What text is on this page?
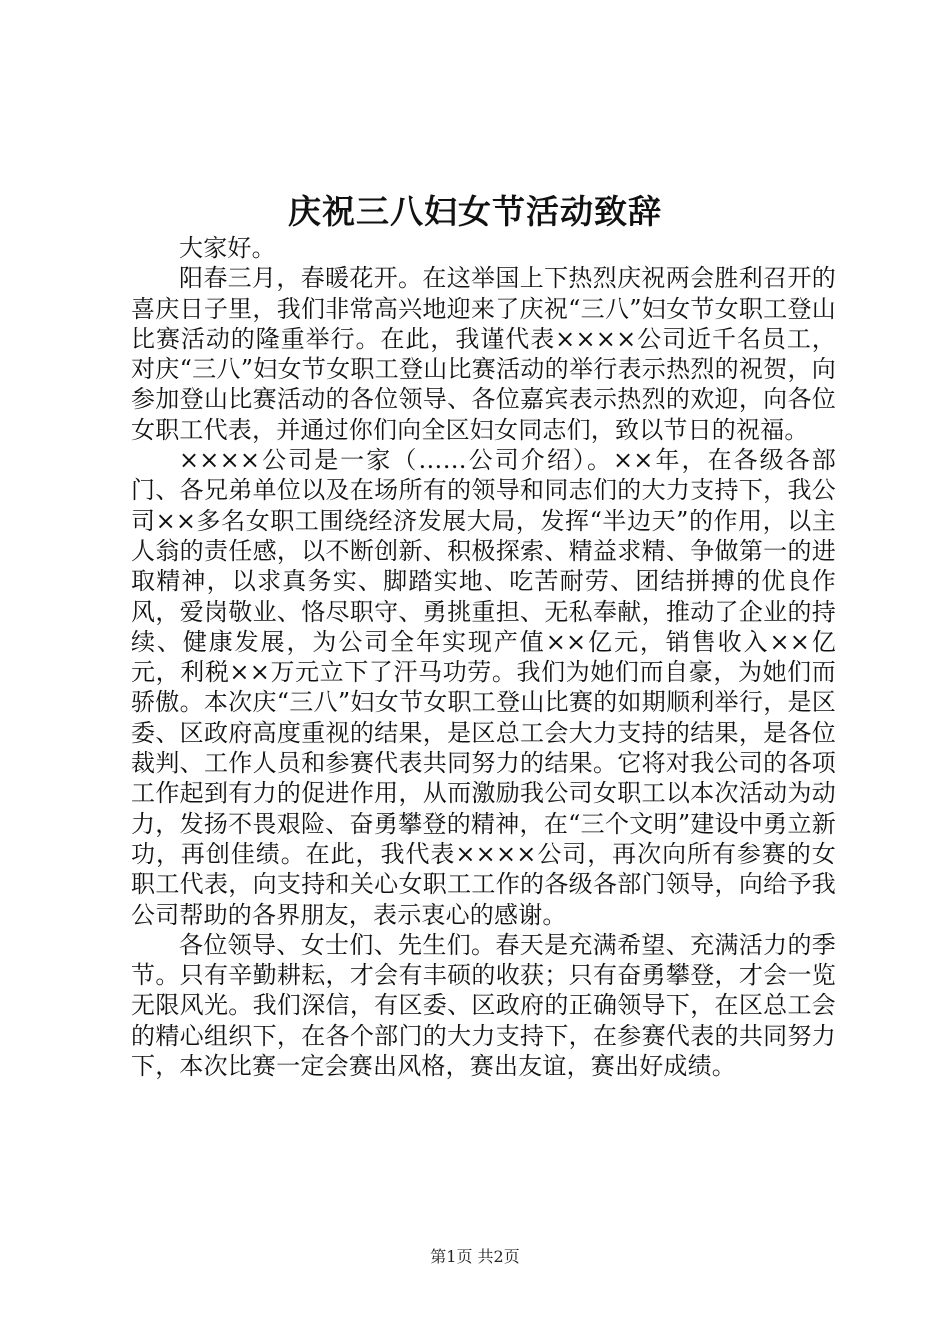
庆祝三八妇女节活动致辞

大家好。

阳春三月，春暖花开。在这举国上下热烈庆祝两会胜利召开的喜庆日子里，我们非常高兴地迎来了庆祝“三八”妇女节女职工登山比赛活动的隆重举行。在此，我谨代表××××公司近千名员工，对庆“三八”妇女节女职工登山比赛活动的举行表示热烈的祝贺，向参加登山比赛活动的各位领导、各位嘉宾表示热烈的欢迎，向各位女职工代表，并通过你们向全区妇女同志们，致以节日的祝福。

××××公司是一家（……公司介绍）。××年，在各级各部门、各兄弟单位以及在场所有的领导和同志们的大力支持下，我公司××多名女职工围绕经济发展大局，发挥“半边天”的作用，以主人翁的责任感，以不断创新、积极探索、精益求精、争做第一的进取精神，以求真务实、脚踏实地、吃苦耐劳、团结拼搏的优良作风，爱岗敬业、恪尽职守、勇挑重担、无私奉献，推动了企业的持续、健康发展，为公司全年实现产值××亿元，销售收入××亿元，利税××万元立下了汗马功劳。我们为她们而自豪，为她们而骄傲。本次庆“三八”妇女节女职工登山比赛的如期顺利举行，是区委、区政府高度重视的结果，是区总工会大力支持的结果，是各位裁判、工作人员和参赛代表共同努力的结果。它将对我公司的各项工作起到有力的促进作用，从而激励我公司女职工以本次活动为动力，发扬不畏艰险、奋勇攀登的精神，在“三个文明”建设中勇立新功，再创佳绩。在此，我代表××××公司，再次向所有参赛的女职工代表，向支持和关心女职工工作的各级各部门领导，向给予我公司帮助的各界朋友，表示衷心的感谢。

各位领导、女士们、先生们。春天是充满希望、充满活力的季节。只有辛勤耕耘，才会有丰硕的收获；只有奋勇攀登，才会一览无限风光。我们深信，有区委、区政府的正确领导下，在区总工会的精心组织下，在各个部门的大力支持下，在参赛代表的共同努力下，本次比赛一定会赛出风格，赛出友谊，赛出好成绩。

第1页 共2页
